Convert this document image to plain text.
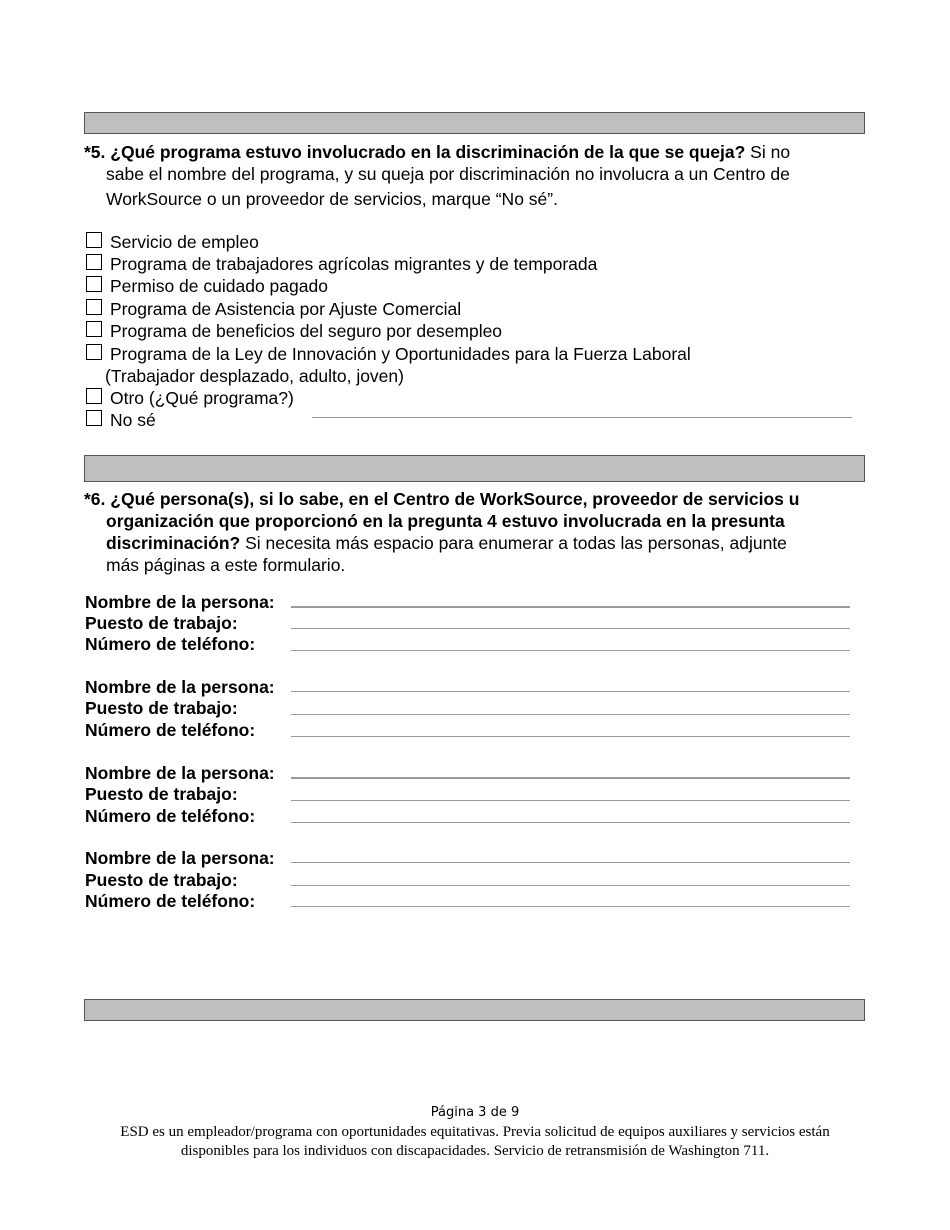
*5. ¿Qué programa estuvo involucrado en la discriminación de la que se queja? Si no
sabe el nombre del programa, y su queja por discriminación no involucra a un Centro de
WorkSource o un proveedor de servicios, marque “No sé”.
Servicio de empleo
Programa de trabajadores agrícolas migrantes y de temporada
Permiso de cuidado pagado
Programa de Asistencia por Ajuste Comercial
Programa de beneficios del seguro por desempleo
Programa de la Ley de Innovación y Oportunidades para la Fuerza Laboral
(Trabajador desplazado, adulto, joven)
Otro (¿Qué programa?)
No sé
*6. ¿Qué persona(s), si lo sabe, en el Centro de WorkSource, proveedor de servicios u
organización que proporcionó en la pregunta 4 estuvo involucrada en la presunta
discriminación? Si necesita más espacio para enumerar a todas las personas, adjunte
más páginas a este formulario.
Nombre de la persona:
Puesto de trabajo:
Número de teléfono:
Nombre de la persona:
Puesto de trabajo:
Número de teléfono:
Nombre de la persona:
Puesto de trabajo:
Número de teléfono:
Nombre de la persona:
Puesto de trabajo:
Número de teléfono:
Página 3 de 9
ESD es un empleador/programa con oportunidades equitativas. Previa solicitud de equipos auxiliares y servicios están
disponibles para los individuos con discapacidades. Servicio de retransmisión de Washington 711.
